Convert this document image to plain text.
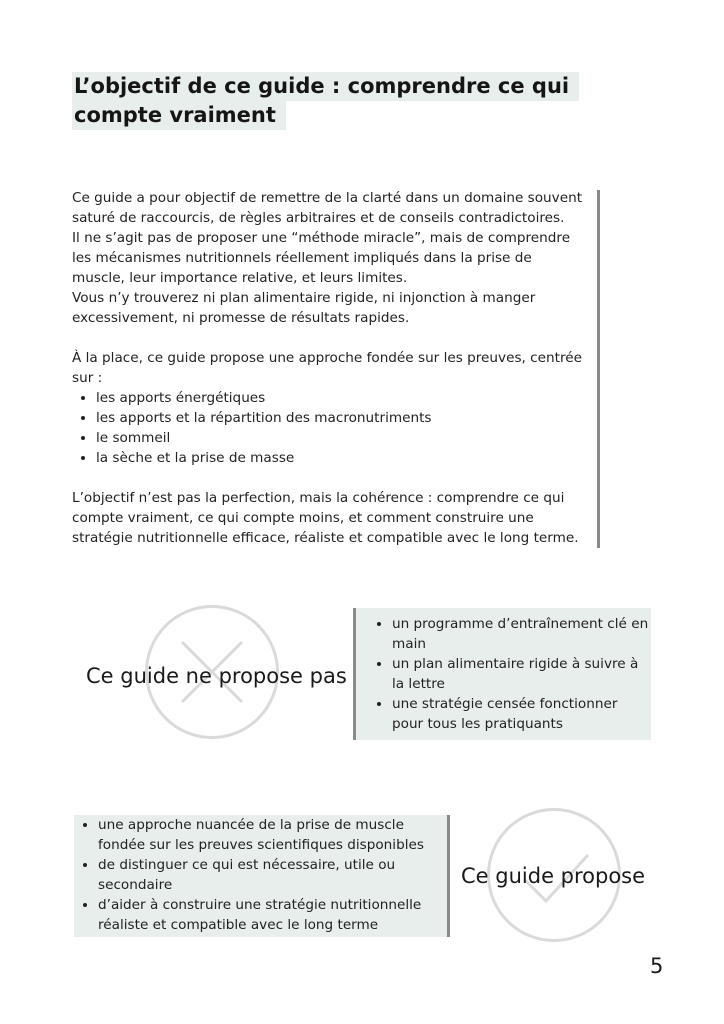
L’objectif de ce guide : comprendre ce qui
compte vraiment

Ce guide a pour objectif de remettre de la clarté dans un domaine souvent
saturé de raccourcis, de règles arbitraires et de conseils contradictoires.
Il ne s’agit pas de proposer une “méthode miracle”, mais de comprendre
les mécanismes nutritionnels réellement impliqués dans la prise de
muscle, leur importance relative, et leurs limites.
Vous n’y trouverez ni plan alimentaire rigide, ni injonction à manger
excessivement, ni promesse de résultats rapides.

À la place, ce guide propose une approche fondée sur les preuves, centrée
sur :

• les apports énergétiques
• les apports et la répartition des macronutriments
• le sommeil
• la sèche et la prise de masse

L’objectif n’est pas la perfection, mais la cohérence : comprendre ce qui
compte vraiment, ce qui compte moins, et comment construire une
stratégie nutritionnelle efficace, réaliste et compatible avec le long terme.

Ce guide ne propose pas
• un programme d’entraînement clé en main
• un plan alimentaire rigide à suivre à la lettre
• une stratégie censée fonctionner pour tous les pratiquants
• une approche nuancée de la prise de muscle fondée sur les preuves scientifiques disponibles
• de distinguer ce qui est nécessaire, utile ou secondaire
• d’aider à construire une stratégie nutritionnelle réaliste et compatible avec le long terme
Ce guide propose
5
